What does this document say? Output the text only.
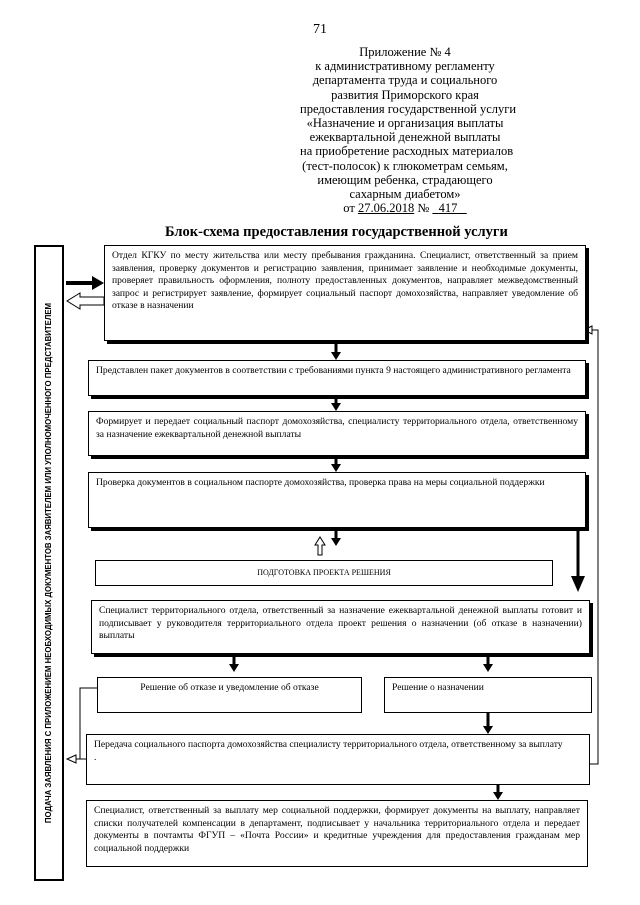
71
Приложение № 4
к административному регламенту
департамента труда и социального
развития Приморского края
предоставления государственной услуги
«Назначение и организация выплаты
ежеквартальной денежной выплаты
на приобретение расходных материалов
(тест-полосок) к глюкометрам семьям,
имеющим ребенка, страдающего
сахарным диабетом»
от 27.06.2018 № 417
Блок-схема предоставления государственной услуги
ПОДАЧА ЗАЯВЛЕНИЯ С ПРИЛОЖЕНИЕМ НЕОБХОДИМЫХ ДОКУМЕНТОВ ЗАЯВИТЕЛЕМ ИЛИ УПОЛНОМОЧЕННОГО ПРЕДСТАВИТЕЛЕМ
Отдел КГКУ по месту жительства или месту пребывания гражданина. Специалист, ответственный за прием заявления, проверку документов и регистрацию заявления, принимает заявление и необходимые документы, проверяет правильность оформления, полноту предоставленных документов, направляет межведомственный запрос и регистрирует заявление, формирует социальный паспорт домохозяйства, направляет уведомление об отказе в назначении
Представлен пакет документов в соответствии с требованиями пункта 9 настоящего административного регламента
Формирует и передает социальный паспорт домохозяйства, специалисту территориального отдела, ответственному за назначение ежеквартальной денежной выплаты
Проверка документов в социальном паспорте домохозяйства, проверка права на меры социальной поддержки
ПОДГОТОВКА ПРОЕКТА РЕШЕНИЯ
Специалист территориального отдела, ответственный за назначение ежеквартальной денежной выплаты готовит и подписывает у руководителя территориального отдела проект решения о назначении (об отказе в назначении) выплаты
Решение об отказе и уведомление об отказе	Решение о назначении
Передача социального паспорта домохозяйства специалисту территориального отдела, ответственному за выплату
.
Специалист, ответственный за выплату мер социальной поддержки, формирует документы на выплату, направляет списки получателей компенсации в департамент, подписывает у начальника территориального отдела и передает документы в почтамты ФГУП – «Почта России» и кредитные учреждения для предоставления гражданам мер социальной поддержки
